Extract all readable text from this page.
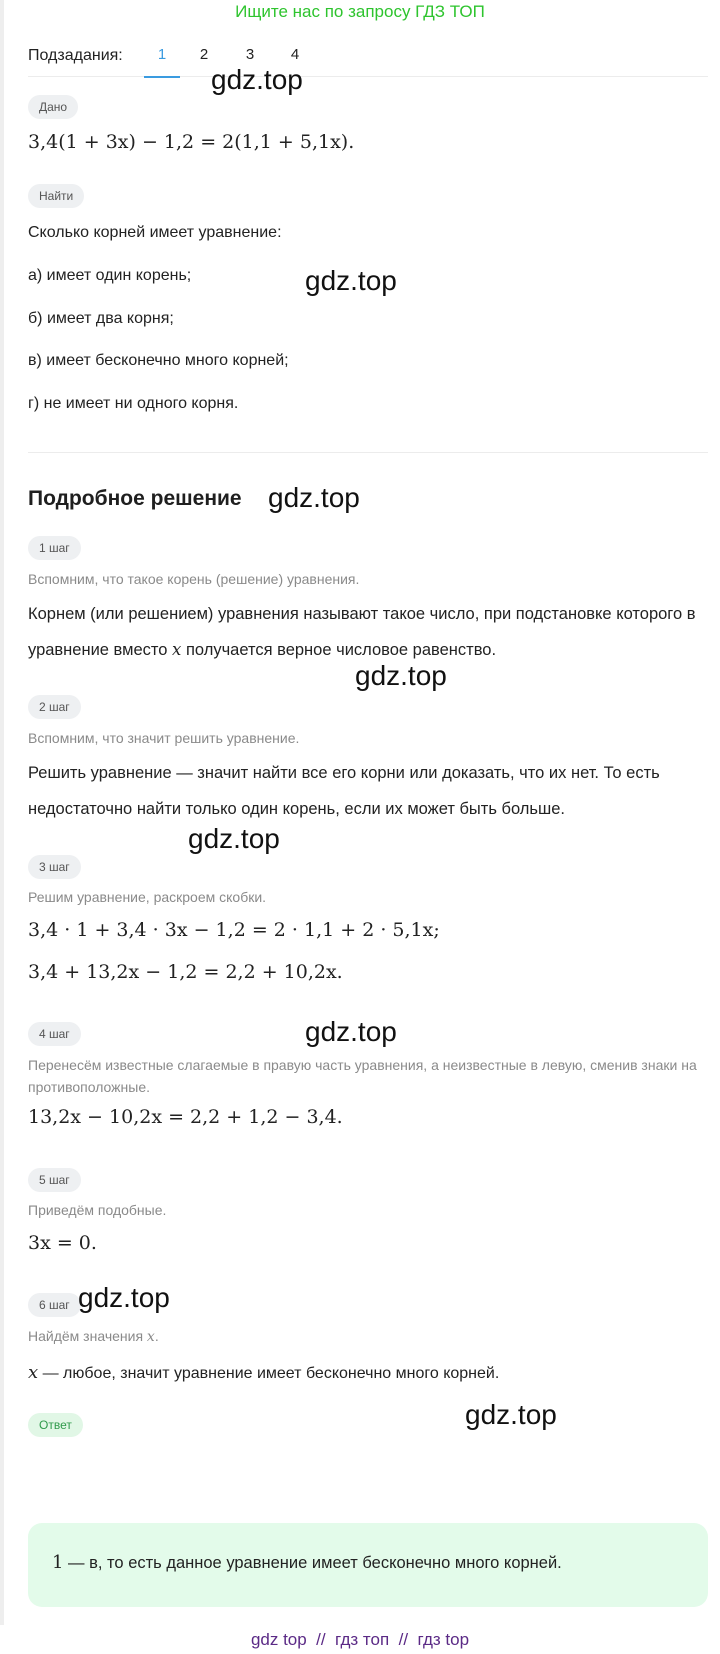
Ищите нас по запросу ГДЗ ТОП
Подзадания:	1	2	3	4
Дано
3,4(1 + 3x) − 1,2 = 2(1,1 + 5,1x).
Найти
Сколько корней имеет уравнение:
а) имеет один корень;
б) имеет два корня;
в) имеет бесконечно много корней;
г) не имеет ни одного корня.
Подробное решение
1 шаг
Вспомним, что такое корень (решение) уравнения.
Корнем (или решением) уравнения называют такое число, при подстановке которого в уравнение вместо x получается верное числовое равенство.
2 шаг
Вспомним, что значит решить уравнение.
Решить уравнение — значит найти все его корни или доказать, что их нет. То есть недостаточно найти только один корень, если их может быть больше.
3 шаг
Решим уравнение, раскроем скобки.
3,4 · 1 + 3,4 · 3x − 1,2 = 2 · 1,1 + 2 · 5,1x;
3,4 + 13,2x − 1,2 = 2,2 + 10,2x.
4 шаг
Перенесём известные слагаемые в правую часть уравнения, а неизвестные в левую, сменив знаки на противоположные.
13,2x − 10,2x = 2,2 + 1,2 − 3,4.
5 шаг
Приведём подобные.
3x = 0.
6 шаг
Найдём значения x.
x — любое, значит уравнение имеет бесконечно много корней.
Ответ
1 — в, то есть данное уравнение имеет бесконечно много корней.
gdz.top
gdz.top
gdz.top
gdz.top
gdz.top
gdz.top
gdz.top
gdz.top
gdz top  //  гдз топ  //  гдз top
